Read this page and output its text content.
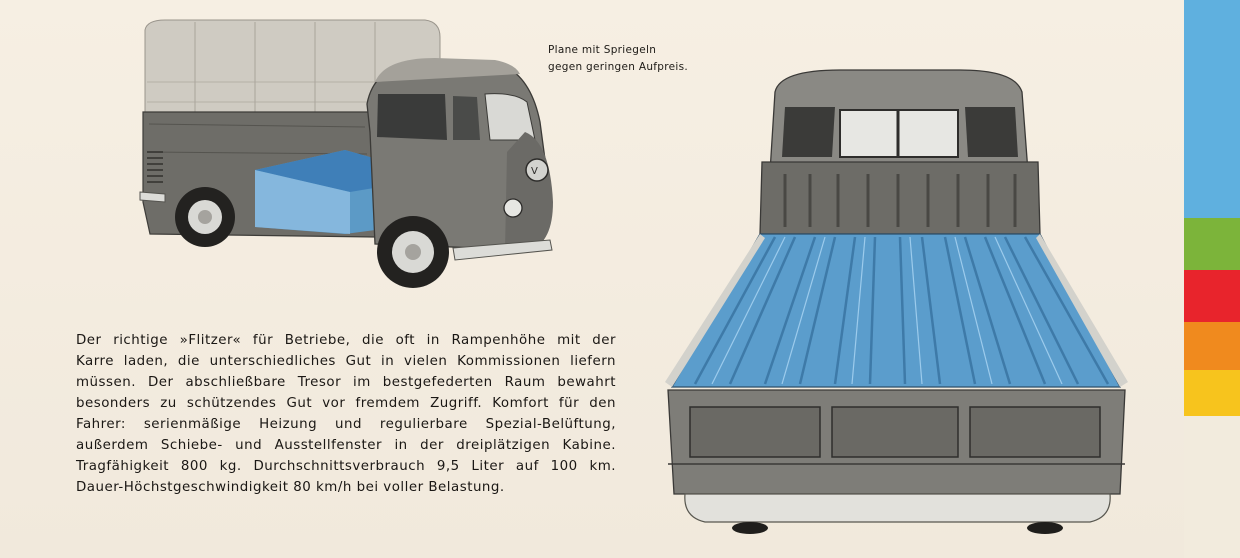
V
Plane mit Spriegeln
gegen geringen Aufpreis.
Der richtige »Flitzer« für Betriebe, die oft in Rampenhöhe mit der
Karre laden, die unterschiedliches Gut in vielen Kommissionen liefern
müssen. Der abschließbare Tresor im bestgefederten Raum bewahrt
besonders zu schützendes Gut vor fremdem Zugriff. Komfort für den
Fahrer: serienmäßige Heizung und regulierbare Spezial-Belüftung,
außerdem Schiebe- und Ausstellfenster in der dreiplätzigen Kabine.
Tragfähigkeit 800 kg. Durchschnittsverbrauch 9,5 Liter auf 100 km.
Dauer-Höchstgeschwindigkeit 80 km/h bei voller Belastung.
